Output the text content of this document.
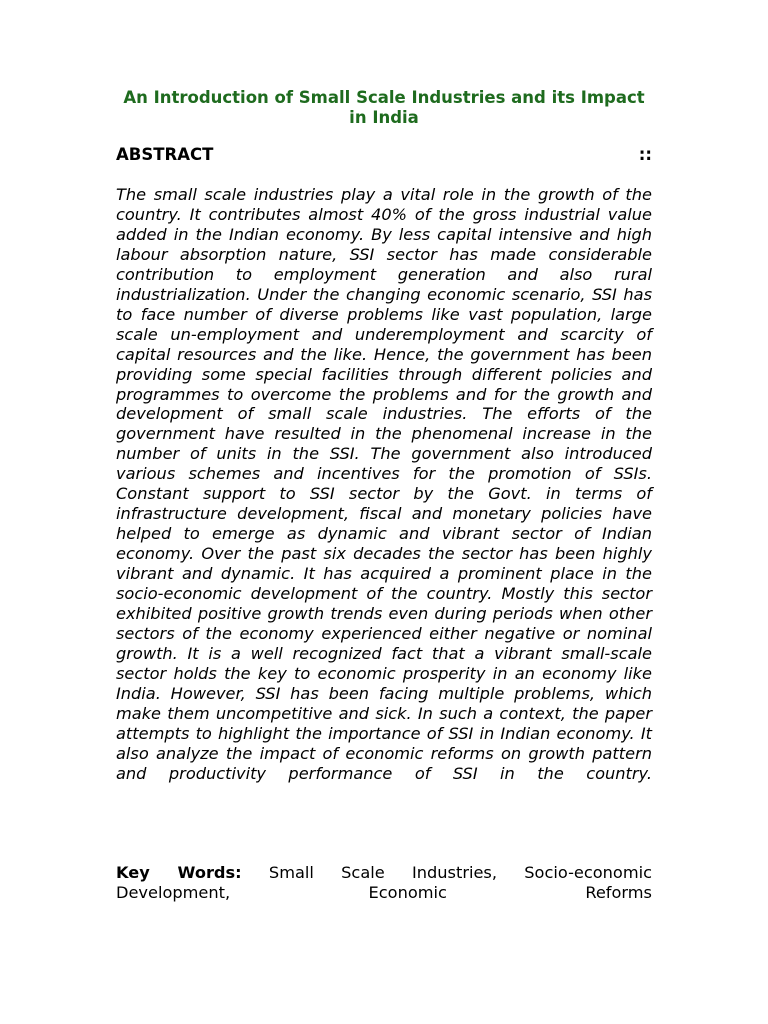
An Introduction of Small Scale Industries and its Impact in India
ABSTRACT	::

The small scale industries play a vital role in the growth of the country. It contributes almost 40% of the gross industrial value added in the Indian economy. By less capital intensive and high labour absorption nature, SSI sector has made considerable contribution to employment generation and also rural industrialization. Under the changing economic scenario, SSI has to face number of diverse problems like vast population, large scale un-employment and underemployment and scarcity of capital resources and the like. Hence, the government has been providing some special facilities through different policies and programmes to overcome the problems and for the growth and development of small scale industries. The efforts of the government have resulted in the phenomenal increase in the number of units in the SSI. The government also introduced various schemes and incentives for the promotion of SSIs. Constant support to SSI sector by the Govt. in terms of infrastructure development, fiscal and monetary policies have helped to emerge as dynamic and vibrant sector of Indian economy. Over the past six decades the sector has been highly vibrant and dynamic. It has acquired a prominent place in the socio-economic development of the country. Mostly this sector exhibited positive growth trends even during periods when other sectors of the economy experienced either negative or nominal growth. It is a well recognized fact that a vibrant small-scale sector holds the key to economic prosperity in an economy like India. However, SSI has been facing multiple problems, which make them uncompetitive and sick. In such a context, the paper attempts to highlight the importance of SSI in Indian economy. It also analyze the impact of economic reforms on growth pattern and productivity performance of SSI in the country.

Key Words: Small Scale Industries, Socio-economic Development, Economic Reforms
